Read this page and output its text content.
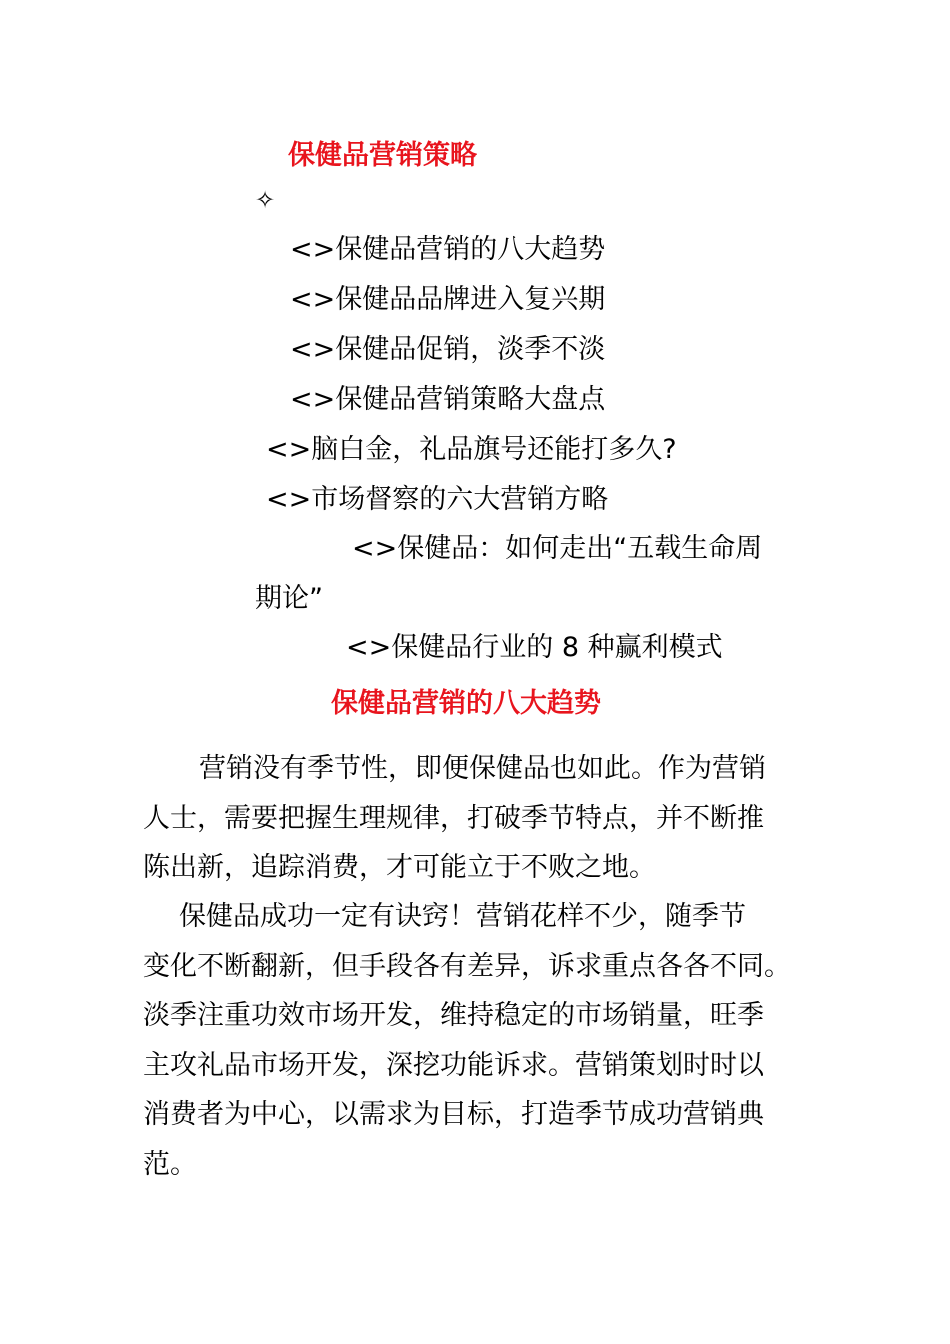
保健品营销策略
✧
<>保健品营销的八大趋势
<>保健品品牌进入复兴期
<>保健品促销，淡季不淡
<>保健品营销策略大盘点
<>脑白金，礼品旗号还能打多久?
<>市场督察的六大营销方略
<>保健品：如何走出“五载生命周
期论”
<>保健品行业的 8 种赢利模式
保健品营销的八大趋势
营销没有季节性，即便保健品也如此。作为营销
人士，需要把握生理规律，打破季节特点，并不断推
陈出新，追踪消费，才可能立于不败之地。
保健品成功一定有诀窍！营销花样不少，随季节
变化不断翻新，但手段各有差异，诉求重点各各不同。
淡季注重功效市场开发，维持稳定的市场销量，旺季
主攻礼品市场开发，深挖功能诉求。营销策划时时以
消费者为中心，以需求为目标，打造季节成功营销典
范。
